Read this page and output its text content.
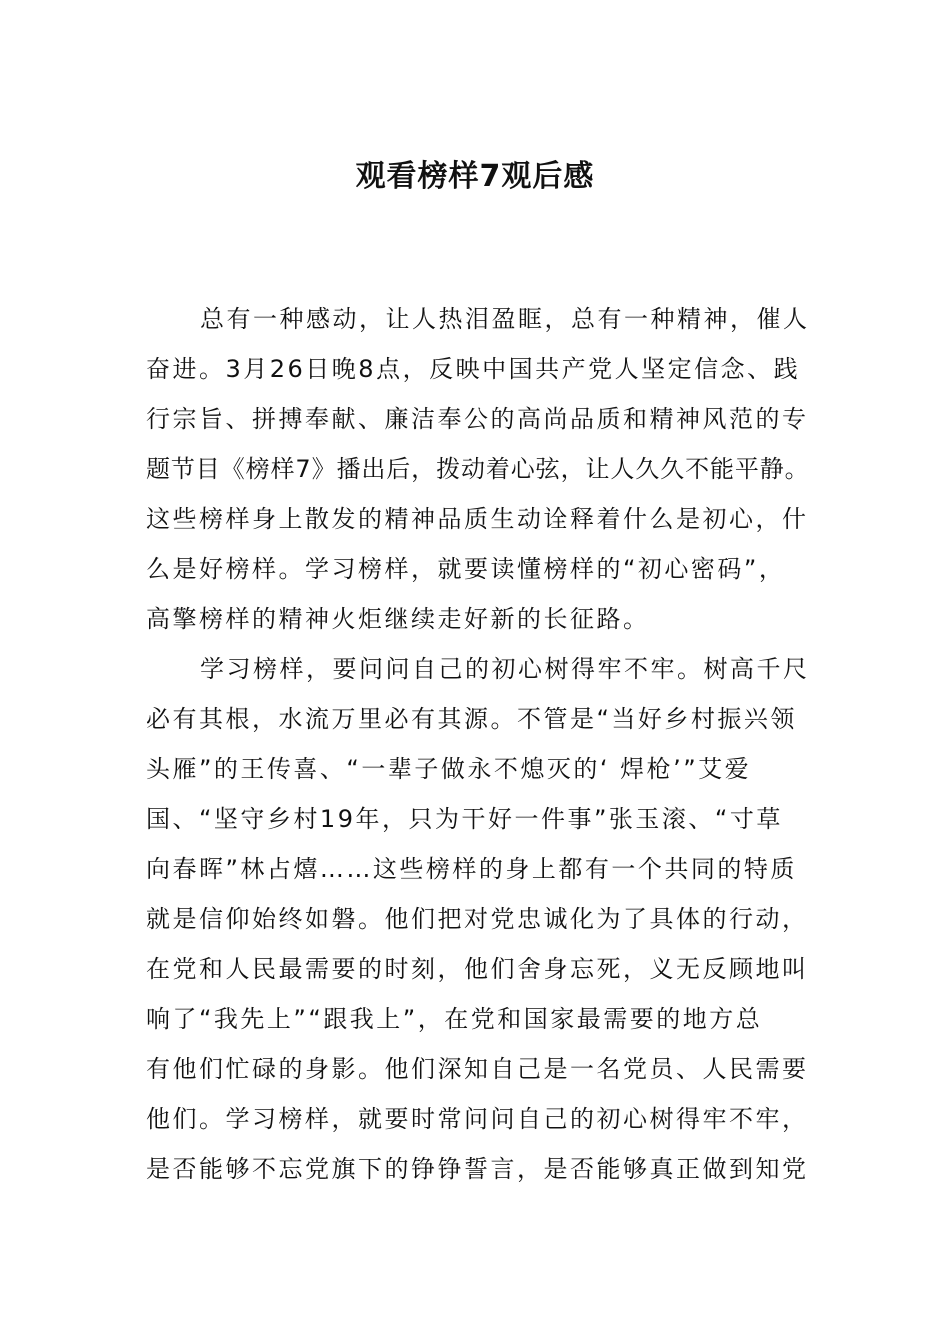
观看榜样7观后感

总有一种感动，让人热泪盈眶，总有一种精神，催人

奋进。3月26日晚8点，反映中国共产党人坚定信念、践

行宗旨、拼搏奉献、廉洁奉公的高尚品质和精神风范的专

题节目《榜样7》播出后，拨动着心弦，让人久久不能平静。

这些榜样身上散发的精神品质生动诠释着什么是初心，什

么是好榜样。学习榜样，就要读懂榜样的“初心密码”，

高擎榜样的精神火炬继续走好新的长征路。

学习榜样，要问问自己的初心树得牢不牢。树高千尺

必有其根，水流万里必有其源。不管是“当好乡村振兴领

头雁”的王传喜、“一辈子做永不熄灭的‘ 焊枪’”艾爱

国、“坚守乡村19年，只为干好一件事”张玉滚、“寸草

向春晖”林占熺……这些榜样的身上都有一个共同的特质

就是信仰始终如磐。他们把对党忠诚化为了具体的行动，

在党和人民最需要的时刻，他们舍身忘死，义无反顾地叫

响了“我先上”“跟我上”，在党和国家最需要的地方总

有他们忙碌的身影。他们深知自己是一名党员、人民需要

他们。学习榜样，就要时常问问自己的初心树得牢不牢，

是否能够不忘党旗下的铮铮誓言，是否能够真正做到知党
